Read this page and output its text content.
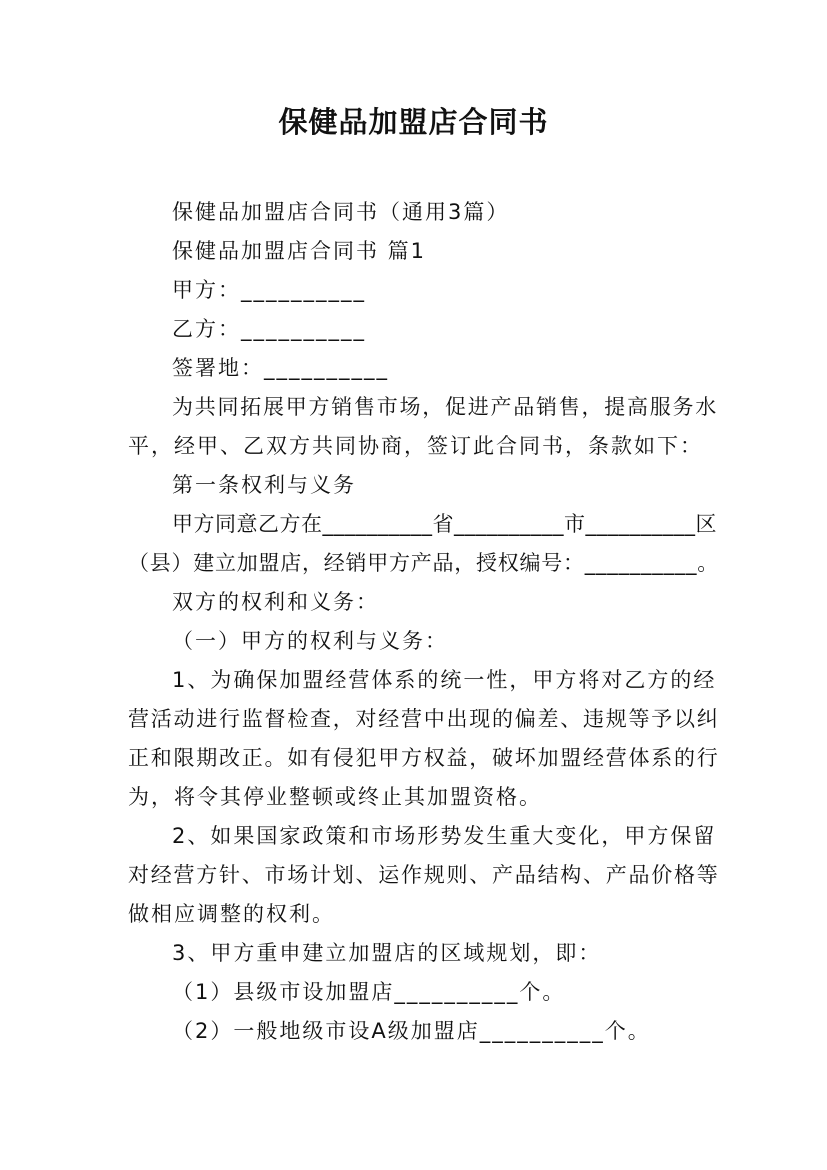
保健品加盟店合同书
保健品加盟店合同书（通用3篇）
保健品加盟店合同书 篇1
甲方：__________
乙方：__________
签署地：__________
为共同拓展甲方销售市场，促进产品销售，提高服务水
平，经甲、乙双方共同协商，签订此合同书，条款如下：
第一条权利与义务
甲方同意乙方在__________省__________市__________区
（县）建立加盟店，经销甲方产品，授权编号：__________。
双方的权利和义务：
（一）甲方的权利与义务：
1、为确保加盟经营体系的统一性，甲方将对乙方的经
营活动进行监督检查，对经营中出现的偏差、违规等予以纠
正和限期改正。如有侵犯甲方权益，破坏加盟经营体系的行
为，将令其停业整顿或终止其加盟资格。
2、如果国家政策和市场形势发生重大变化，甲方保留
对经营方针、市场计划、运作规则、产品结构、产品价格等
做相应调整的权利。
3、甲方重申建立加盟店的区域规划，即：
（1）县级市设加盟店__________个。
（2）一般地级市设A级加盟店__________个。
